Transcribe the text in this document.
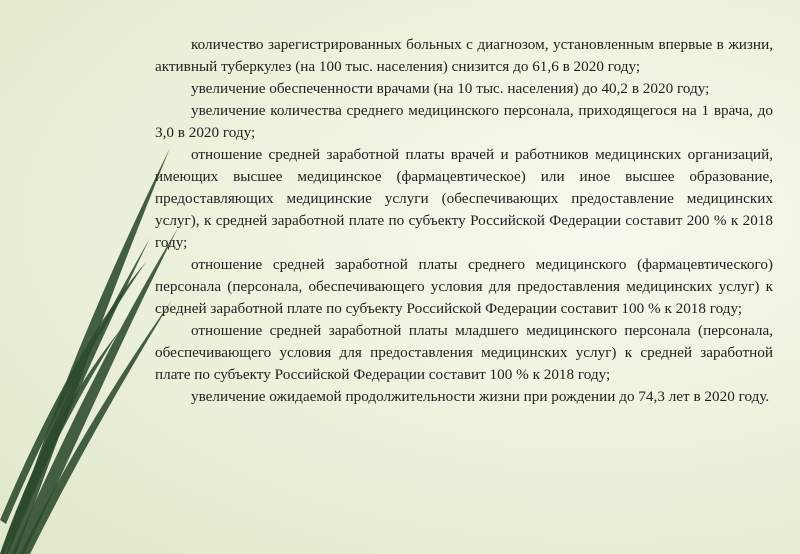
количество зарегистрированных больных с диагнозом, установленным впервые в жизни, активный туберкулез (на 100 тыс. населения) снизится до 61,6 в 2020 году;

увеличение обеспеченности врачами (на 10 тыс. населения) до 40,2 в 2020 году;

увеличение количества среднего медицинского персонала, приходящегося на 1 врача, до 3,0 в 2020 году;

отношение средней заработной платы врачей и работников медицинских организаций, имеющих высшее медицинское (фармацевтическое) или иное высшее образование, предоставляющих медицинские услуги (обеспечивающих предоставление медицинских услуг), к средней заработной плате по субъекту Российской Федерации составит 200 % к 2018 году;

отношение средней заработной платы среднего медицинского (фармацевтического) персонала (персонала, обеспечивающего условия для предоставления медицинских услуг) к средней заработной плате по субъекту Российской Федерации составит 100 % к 2018 году;

отношение средней заработной платы младшего медицинского персонала (персонала, обеспечивающего условия для предоставления медицинских услуг) к средней заработной плате по субъекту Российской Федерации составит 100 % к 2018 году;

увеличение ожидаемой продолжительности жизни при рождении до 74,3 лет в 2020 году.
